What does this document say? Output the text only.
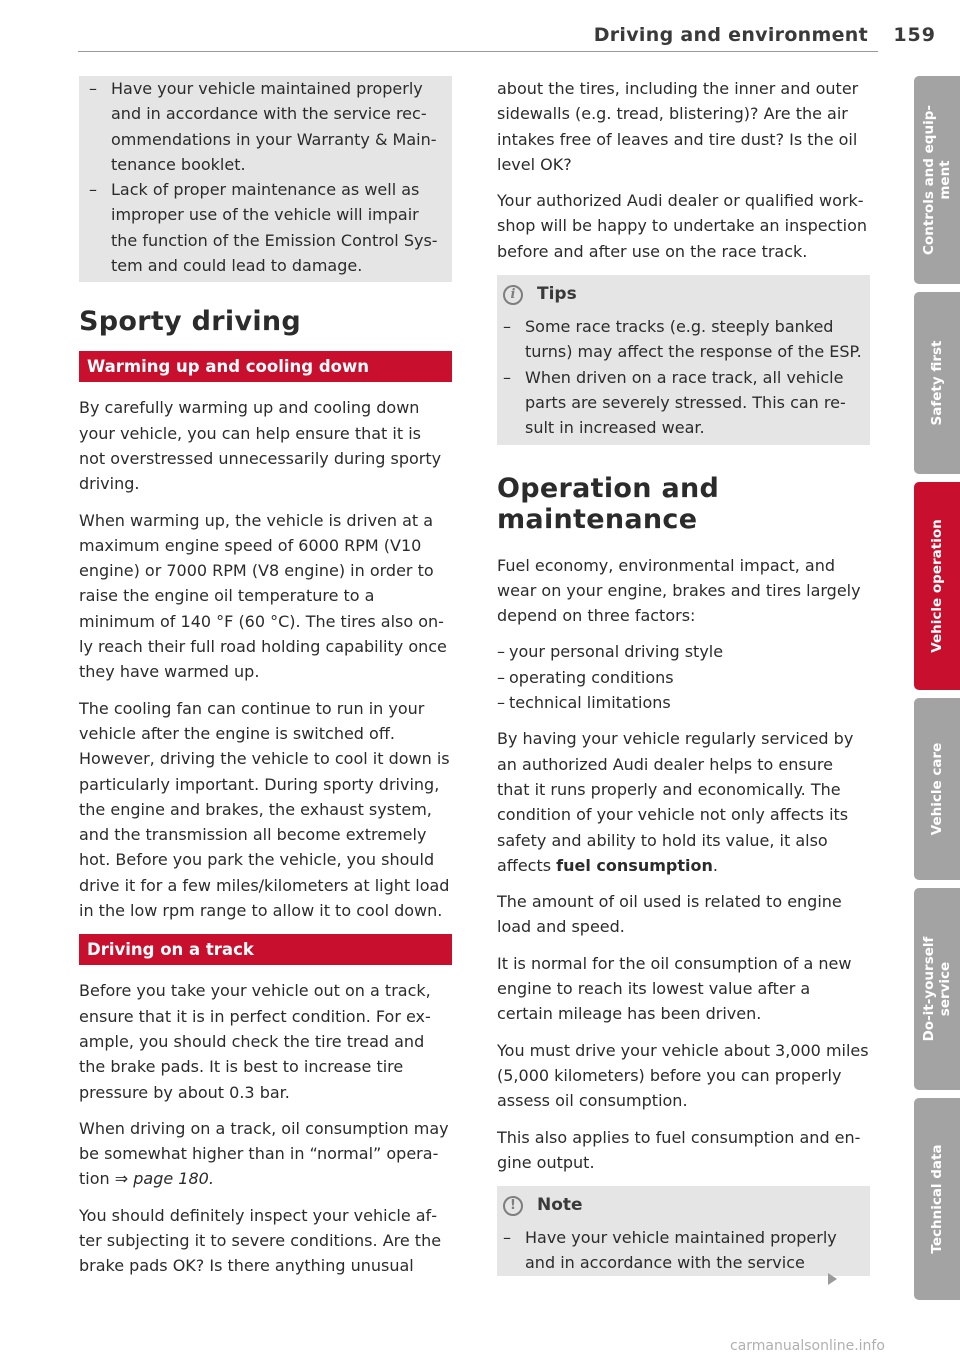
Driving and environment 159
– Have your vehicle maintained properly and in accordance with the service recommendations in your Warranty & Maintenance booklet.
– Lack of proper maintenance as well as improper use of the vehicle will impair the function of the Emission Control System and could lead to damage.
Sporty driving
Warming up and cooling down

By carefully warming up and cooling down your vehicle, you can help ensure that it is not overstressed unnecessarily during sporty driving.

When warming up, the vehicle is driven at a maximum engine speed of 6000 RPM (V10 engine) or 7000 RPM (V8 engine) in order to raise the engine oil temperature to a minimum of 140 °F (60 °C). The tires also only reach their full road holding capability once they have warmed up.

The cooling fan can continue to run in your vehicle after the engine is switched off. However, driving the vehicle to cool it down is particularly important. During sporty driving, the engine and brakes, the exhaust system, and the transmission all become extremely hot. Before you park the vehicle, you should drive it for a few miles/kilometers at light load in the low rpm range to allow it to cool down.

Driving on a track

Before you take your vehicle out on a track, ensure that it is in perfect condition. For example, you should check the tire tread and the brake pads. It is best to increase tire pressure by about 0.3 bar.

When driving on a track, oil consumption may be somewhat higher than in “normal” operation ⇒ page 180.

You should definitely inspect your vehicle after subjecting it to severe conditions. Are the brake pads OK? Is there anything unusual

about the tires, including the inner and outer sidewalls (e.g. tread, blistering)? Are the air intakes free of leaves and tire dust? Is the oil level OK?

Your authorized Audi dealer or qualified workshop will be happy to undertake an inspection before and after use on the race track.

i	Tips
– Some race tracks (e.g. steeply banked turns) may affect the response of the ESP.
– When driven on a race track, all vehicle parts are severely stressed. This can result in increased wear.
Operation and maintenance

Fuel economy, environmental impact, and wear on your engine, brakes and tires largely depend on three factors:

– your personal driving style
– operating conditions
– technical limitations

By having your vehicle regularly serviced by an authorized Audi dealer helps to ensure that it runs properly and economically. The condition of your vehicle not only affects its safety and ability to hold its value, it also affects fuel consumption.

The amount of oil used is related to engine load and speed.

It is normal for the oil consumption of a new engine to reach its lowest value after a certain mileage has been driven.

You must drive your vehicle about 3,000 miles (5,000 kilometers) before you can properly assess oil consumption.

This also applies to fuel consumption and engine output.

!	Note
– Have your vehicle maintained properly and in accordance with the service
Controls and equip-
ment
Safety first
Vehicle operation
Vehicle care
Do-it-yourself
service
Technical data
carmanualsonline.info
